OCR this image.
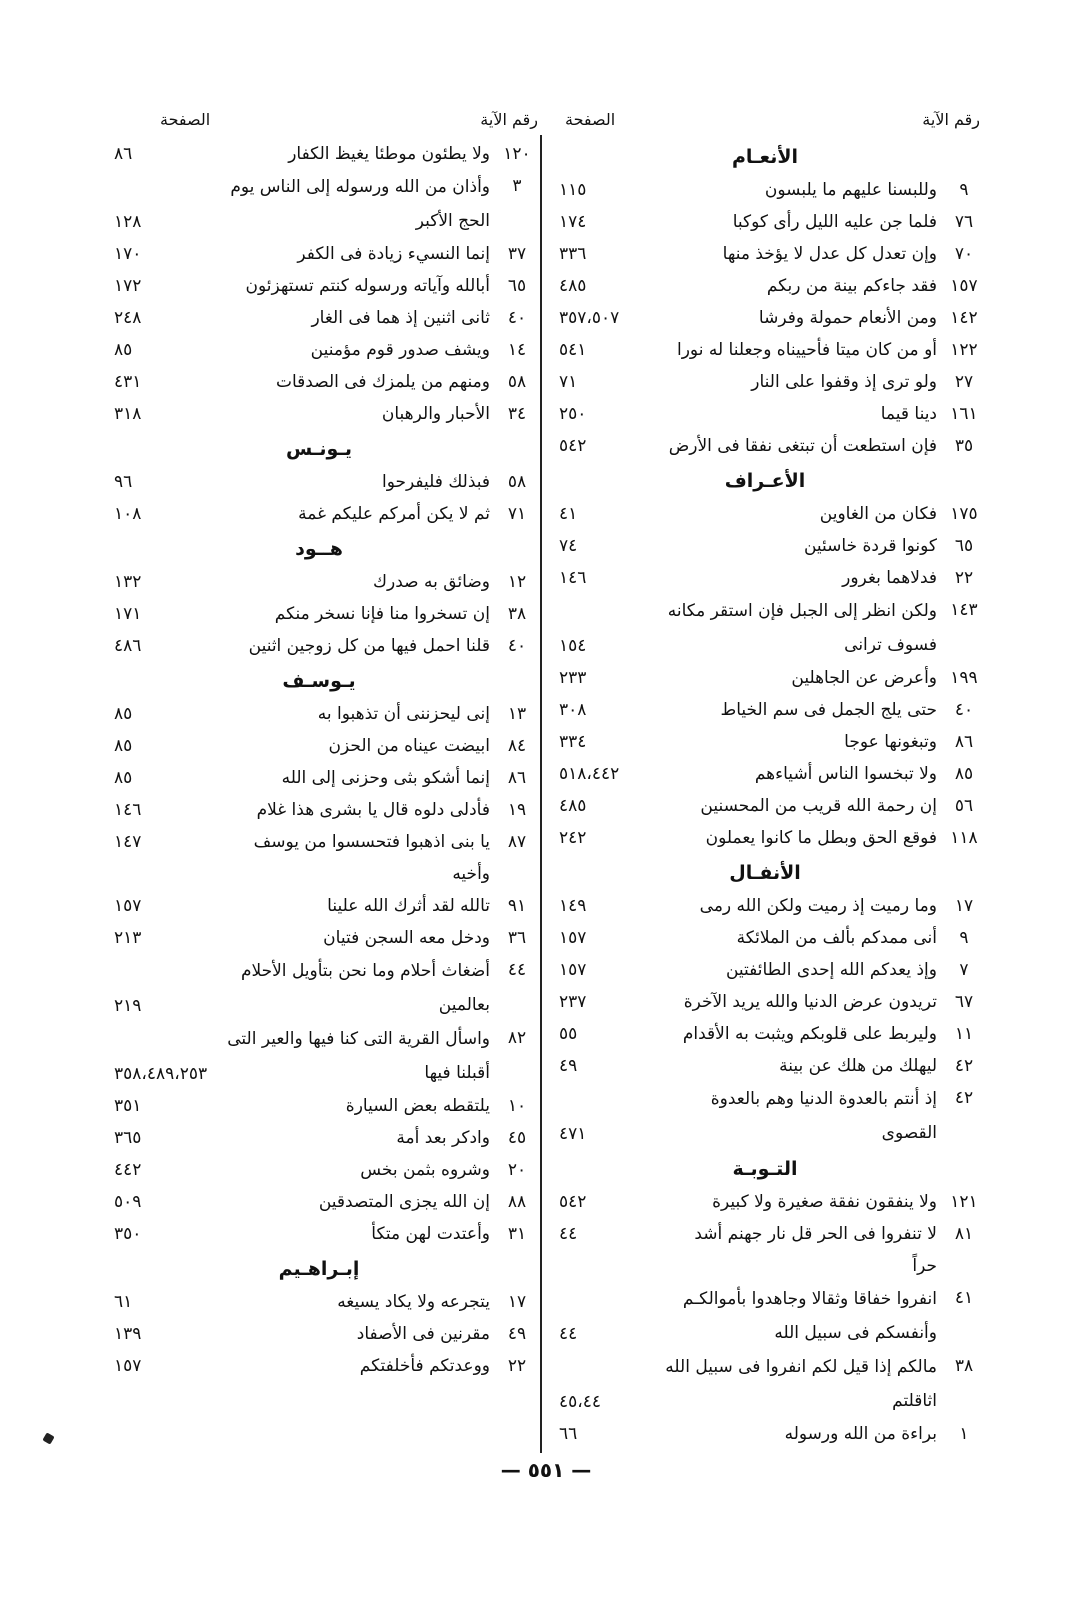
رقم الآية
الصفحة
الأنعـام
٩
وللبسنا عليهم ما يلبسون
١١٥
٧٦
فلما جن عليه الليل رأى كوكبا
١٧٤
٧٠
وإن تعدل كل عدل لا يؤخذ منها
٣٣٦
١٥٧
فقد جاءكم بينة من ربكم
٤٨٥
١٤٢
ومن الأنعام حمولة وفرشا
٣٥٧،٥٠٧
١٢٢
أو من كان ميتا فأحييناه وجعلنا له نورا
٥٤١
٢٧
ولو ترى إذ وقفوا على النار
٧١
١٦١
دينا قيما
٢٥٠
٣٥
فإن استطعت أن تبتغى نفقا فى الأرض
٥٤٢
الأعـراف
١٧٥
فكان من الغاوين
٤١
٦٥
كونوا قردة خاسئين
٧٤
٢٢
فدلاهما بغرور
١٤٦
١٤٣
ولكن انظر إلى الجبل فإن استقر مكانه فسوف ترانى
١٥٤
١٩٩
وأعرض عن الجاهلين
٢٣٣
٤٠
حتى يلج الجمل فى سم الخياط
٣٠٨
٨٦
وتبغونها عوجا
٣٣٤
٨٥
ولا تبخسوا الناس أشياءهم
٥١٨،٤٤٢
٥٦
إن رحمة الله قريب من المحسنين
٤٨٥
١١٨
فوقع الحق وبطل ما كانوا يعملون
٢٤٢
الأنفـال
١٧
وما رميت إذ رميت ولكن الله رمى
١٤٩
٩
أنى ممدكم بألف من الملائكة
١٥٧
٧
وإذ يعدكم الله إحدى الطائفتين
١٥٧
٦٧
تريدون عرض الدنيا والله يريد الآخرة
٢٣٧
١١
وليربط على قلوبكم ويثبت به الأقدام
٥٥
٤٢
ليهلك من هلك عن بينة
٤٩
٤٢
إذ أنتم بالعدوة الدنيا وهم بالعدوة القصوى
٤٧١
التـوبـة
١٢١
ولا ينفقون نفقة صغيرة ولا كبيرة
٥٤٢
٨١
لا تنفروا فى الحر قل نار جهنم أشد حراً
٤٤
٤١
انفروا خفاقا وثقالا وجاهدوا بأموالكـم وأنفسكم فى سبيل الله
٤٤
٣٨
مالكم إذا قيل لكم انفروا فى سبيل الله اثاقلتم
٤٥،٤٤
١
براءة من الله ورسوله
٦٦
رقم الآية
الصفحة
١٢٠
ولا يطئون موطئا يغيظ الكفار
٨٦
٣
وأذان من الله ورسوله إلى الناس يوم الحج الأكبر
١٢٨
٣٧
إنما النسيء زيادة فى الكفر
١٧٠
٦٥
أبالله وآياته ورسوله كنتم تستهزئون
١٧٢
٤٠
ثانى اثنين إذ هما فى الغار
٢٤٨
١٤
ويشف صدور قوم مؤمنين
٨٥
٥٨
ومنهم من يلمزك فى الصدقات
٤٣١
٣٤
الأحبار والرهبان
٣١٨
يـونـس
٥٨
فبذلك فليفرحوا
٩٦
٧١
ثم لا يكن أمركم عليكم غمة
١٠٨
هــود
١٢
وضائق به صدرك
١٣٢
٣٨
إن تسخروا منا فإنا نسخر منكم
١٧١
٤٠
قلنا احمل فيها من كل زوجين اثنين
٤٨٦
يـوسـف
١٣
إنى ليحزننى أن تذهبوا به
٨٥
٨٤
ابيضت عيناه من الحزن
٨٥
٨٦
إنما أشكو بثى وحزنى إلى الله
٨٥
١٩
فأدلى دلوه قال يا بشرى هذا غلام
١٤٦
٨٧
يا بنى اذهبوا فتحسسوا من يوسف وأخيه
١٤٧
٩١
تالله لقد أثرك الله علينا
١٥٧
٣٦
ودخل معه السجن فتيان
٢١٣
٤٤
أضغاث أحلام وما نحن بتأويل الأحلام بعالمين
٢١٩
٨٢
واسأل القرية التى كنا فيها والعير التى أقبلنا فيها
٣٥٨،٤٨٩،٢٥٣
١٠
يلتقطه بعض السيارة
٣٥١
٤٥
وادكر بعد أمة
٣٦٥
٢٠
وشروه بثمن بخس
٤٤٢
٨٨
إن الله يجزى المتصدقين
٥٠٩
٣١
وأعتدت لهن متكأ
٣٥٠
إبـراهـيم
١٧
يتجرعه ولا يكاد يسيغه
٦١
٤٩
مقرنين فى الأصفاد
١٣٩
٢٢
ووعدتكم فأخلفتكم
١٥٧
— ٥٥١ —
